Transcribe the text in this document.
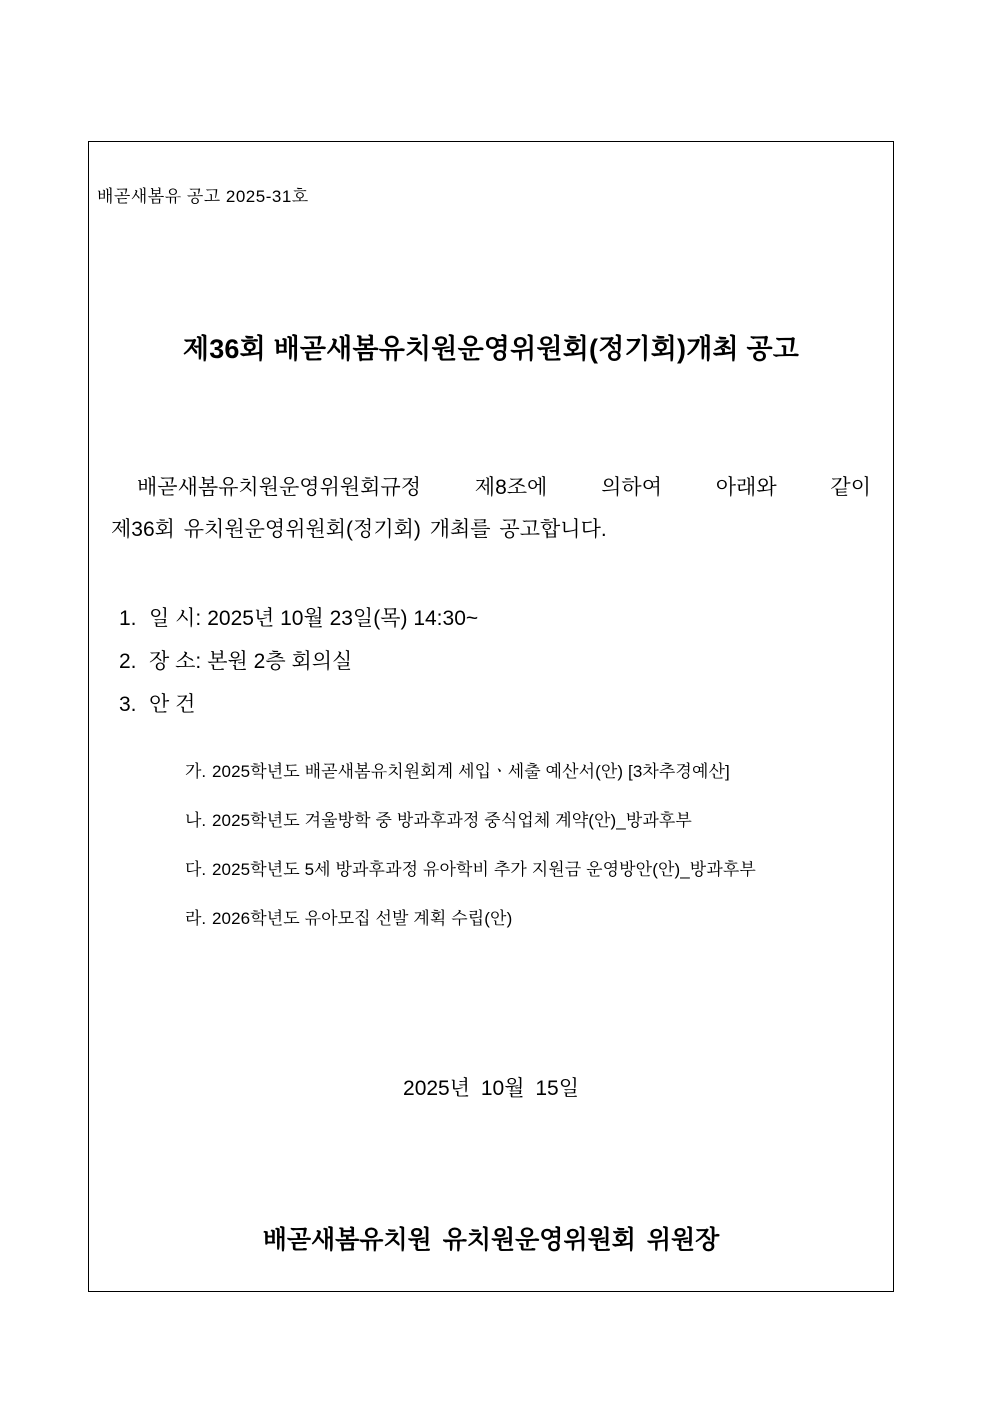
배곧새봄유 공고 2025-31호
제36회 배곧새봄유치원운영위원회(정기회)개최 공고
배곧새봄유치원운영위원회규정 제8조에 의하여 아래와 같이
제36회 유치원운영위원회(정기회) 개최를 공고합니다.
1. 일 시: 2025년 10월 23일(목) 14:30~
2. 장 소: 본원 2층 회의실
3. 안 건
가. 2025학년도 배곧새봄유치원회계 세입ㆍ세출 예산서(안) [3차추경예산]
나. 2025학년도 겨울방학 중 방과후과정 중식업체 계약(안)_방과후부
다. 2025학년도 5세 방과후과정 유아학비 추가 지원금 운영방안(안)_방과후부
라. 2026학년도 유아모집 선발 계획 수립(안)
2025년 10월 15일
배곧새봄유치원 유치원운영위원회 위원장
